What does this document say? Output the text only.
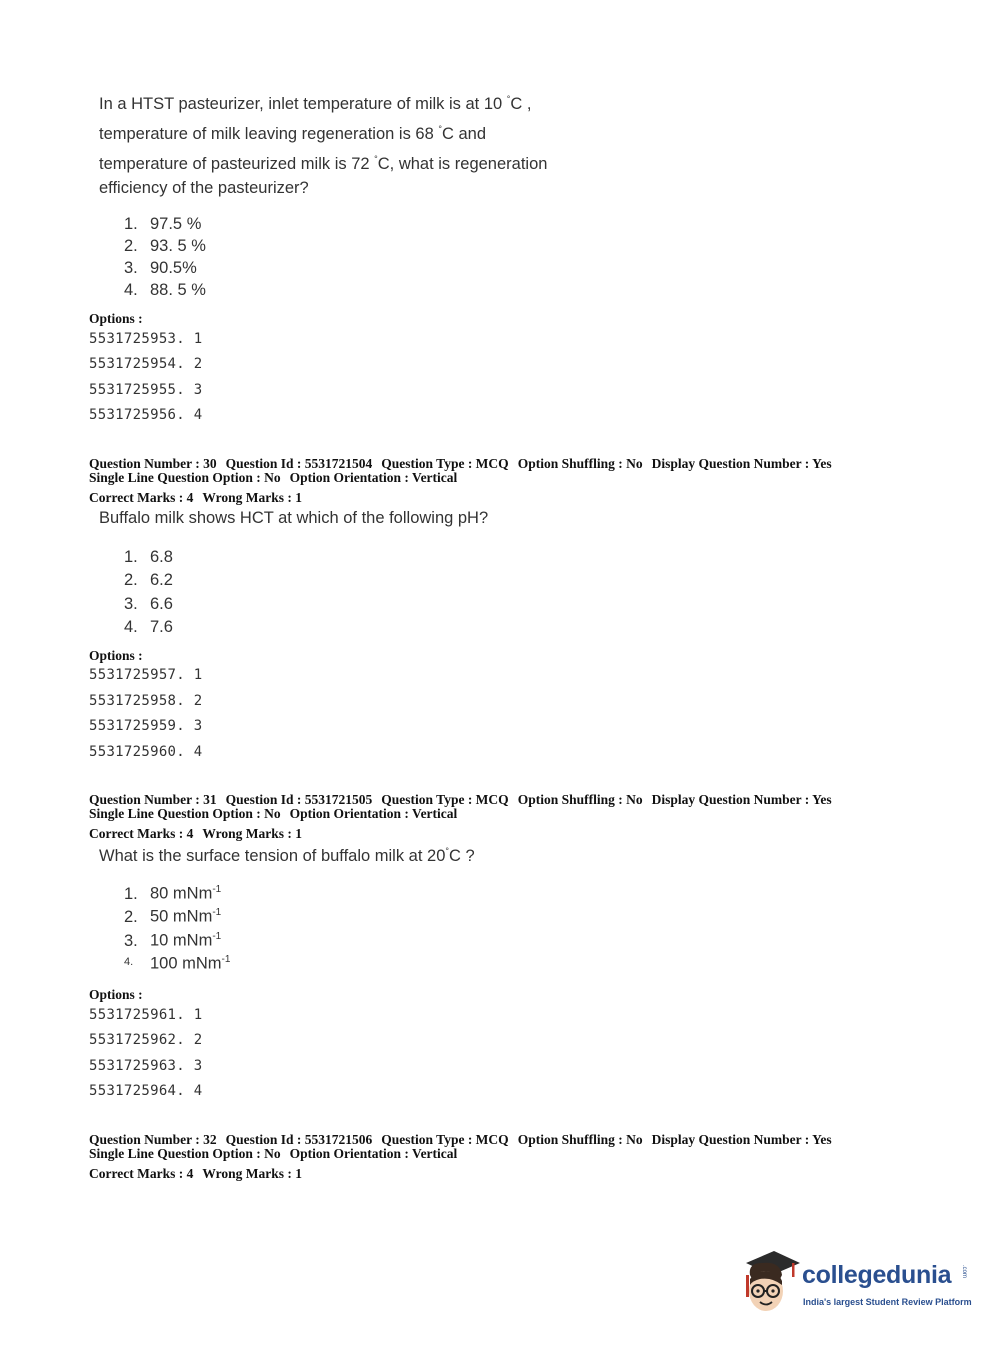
In a HTST pasteurizer, inlet temperature of milk is at 10 °C ,
temperature of milk leaving regeneration is 68 °C and
temperature of pasteurized milk is 72 °C, what is regeneration
efficiency of the pasteurizer?
1. 97.5 %
2. 93. 5 %
3. 90.5%
4. 88. 5 %
Options :
5531725953. 1
5531725954. 2
5531725955. 3
5531725956. 4
Question Number : 30 Question Id : 5531721504 Question Type : MCQ Option Shuffling : No Display Question Number : Yes
Single Line Question Option : No Option Orientation : Vertical
Correct Marks : 4 Wrong Marks : 1
Buffalo milk shows HCT at which of the following pH?
1. 6.8
2. 6.2
3. 6.6
4. 7.6
Options :
5531725957. 1
5531725958. 2
5531725959. 3
5531725960. 4
Question Number : 31 Question Id : 5531721505 Question Type : MCQ Option Shuffling : No Display Question Number : Yes
Single Line Question Option : No Option Orientation : Vertical
Correct Marks : 4 Wrong Marks : 1
What is the surface tension of buffalo milk at 20°C ?
1. 80 mNm$^{-1}$
2. 50 mNm$^{-1}$
3. 10 mNm$^{-1}$
4. 100 mNm$^{-1}$
Options :
5531725961. 1
5531725962. 2
5531725963. 3
5531725964. 4
Question Number : 32 Question Id : 5531721506 Question Type : MCQ Option Shuffling : No Display Question Number : Yes
Single Line Question Option : No Option Orientation : Vertical
Correct Marks : 4 Wrong Marks : 1
collegedunia .com
India's largest Student Review Platform
